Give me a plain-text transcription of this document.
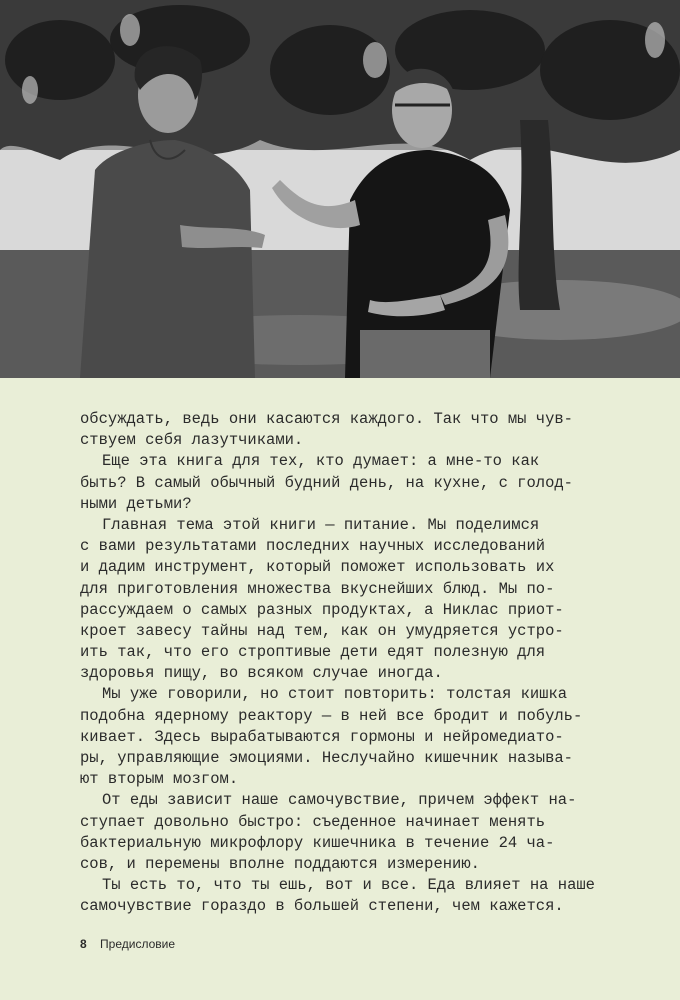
обсуждать, ведь они касаются каждого. Так что мы чув-
ствуем себя лазутчиками.
Еще эта книга для тех, кто думает: а мне-то как
быть? В самый обычный будний день, на кухне, с голод-
ными детьми?
Главная тема этой книги — питание. Мы поделимся
с вами результатами последних научных исследований
и дадим инструмент, который поможет использовать их
для приготовления множества вкуснейших блюд. Мы по-
рассуждаем о самых разных продуктах, а Никлас приот-
кроет завесу тайны над тем, как он умудряется устро-
ить так, что его строптивые дети едят полезную для
здоровья пищу, во всяком случае иногда.
Мы уже говорили, но стоит повторить: толстая кишка
подобна ядерному реактору — в ней все бродит и побуль-
кивает. Здесь вырабатываются гормоны и нейромедиато-
ры, управляющие эмоциями. Неслучайно кишечник называ-
ют вторым мозгом.
От еды зависит наше самочувствие, причем эффект на-
ступает довольно быстро: съеденное начинает менять
бактериальную микрофлору кишечника в течение 24 ча-
сов, и перемены вполне поддаются измерению.
Ты есть то, что ты ешь, вот и все. Еда влияет на наше
самочувствие гораздо в большей степени, чем кажется.
8 Предисловие
